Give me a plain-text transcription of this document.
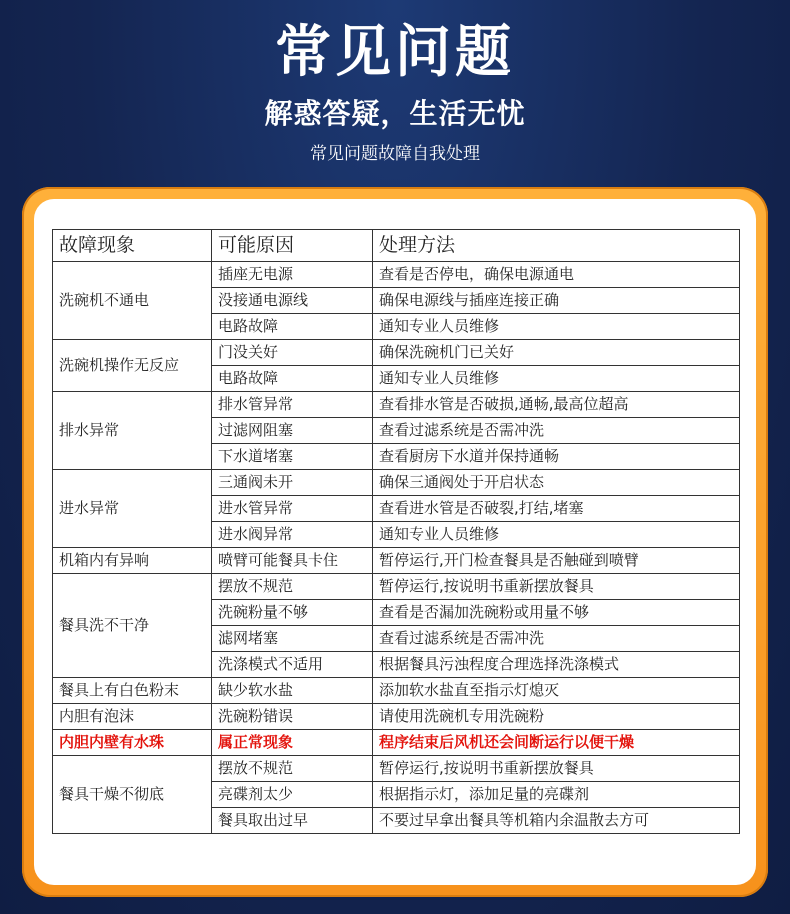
常见问题
解惑答疑，生活无忧
常见问题故障自我处理
故障现象	可能原因	处理方法
洗碗机不通电	插座无电源	查看是否停电，确保电源通电
	没接通电源线	确保电源线与插座连接正确
	电路故障	通知专业人员维修
洗碗机操作无反应	门没关好	确保洗碗机门已关好
	电路故障	通知专业人员维修
排水异常	排水管异常	查看排水管是否破损,通畅,最高位超高
	过滤网阻塞	查看过滤系统是否需冲洗
	下水道堵塞	查看厨房下水道并保持通畅
进水异常	三通阀未开	确保三通阀处于开启状态
	进水管异常	查看进水管是否破裂,打结,堵塞
	进水阀异常	通知专业人员维修
机箱内有异响	喷臂可能餐具卡住	暂停运行,开门检查餐具是否触碰到喷臂
餐具洗不干净	摆放不规范	暂停运行,按说明书重新摆放餐具
	洗碗粉量不够	查看是否漏加洗碗粉或用量不够
	滤网堵塞	查看过滤系统是否需冲洗
	洗涤模式不适用	根据餐具污浊程度合理选择洗涤模式
餐具上有白色粉末	缺少软水盐	添加软水盐直至指示灯熄灭
内胆有泡沫	洗碗粉错误	请使用洗碗机专用洗碗粉
内胆内壁有水珠	属正常现象	程序结束后风机还会间断运行以便干燥
餐具干燥不彻底	摆放不规范	暂停运行,按说明书重新摆放餐具
	亮碟剂太少	根据指示灯，添加足量的亮碟剂
	餐具取出过早	不要过早拿出餐具等机箱内余温散去方可
